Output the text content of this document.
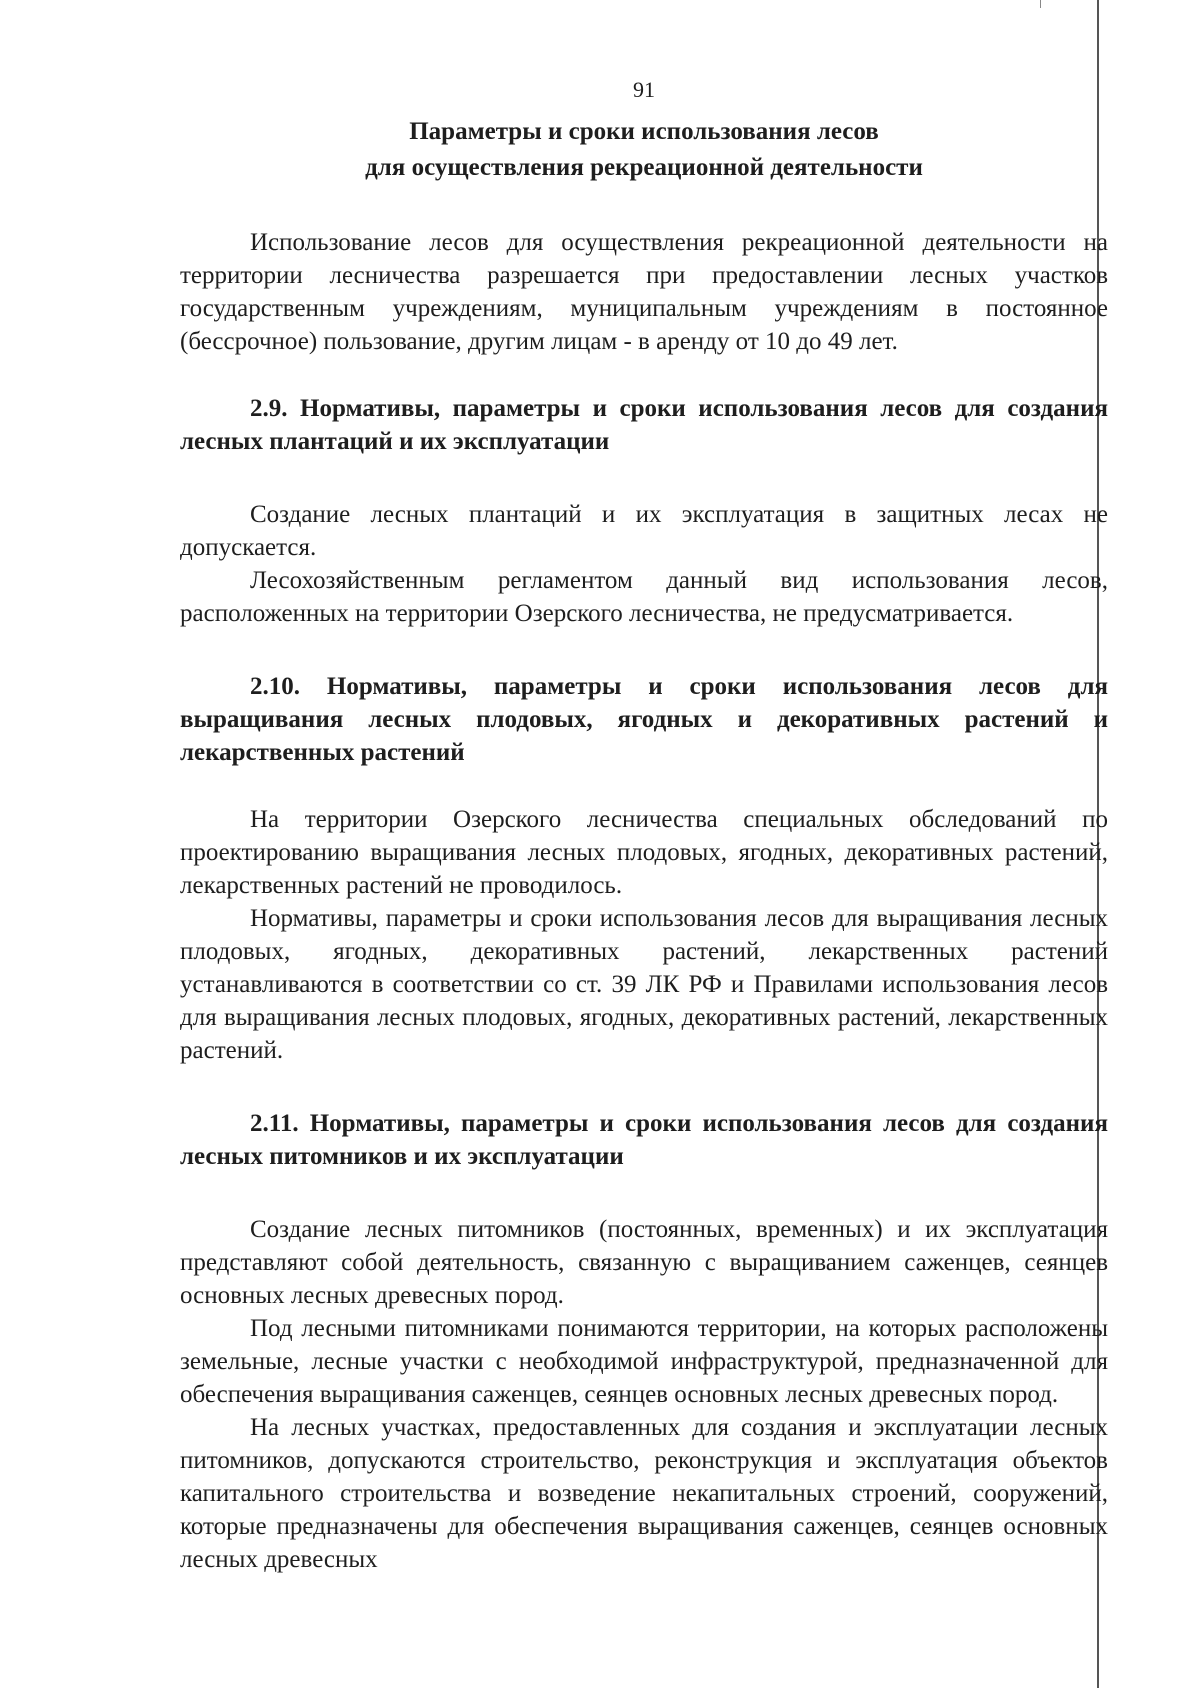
91
Параметры и сроки использования лесов
для осуществления рекреационной деятельности

Использование лесов для осуществления рекреационной деятельности на территории лесничества разрешается при предоставлении лесных участков государственным учреждениям, муниципальным учреждениям в постоянное (бессрочное) пользование, другим лицам - в аренду от 10 до 49 лет.

2.9. Нормативы, параметры и сроки использования лесов для создания лесных плантаций и их эксплуатации

Создание лесных плантаций и их эксплуатация в защитных лесах не допускается.

Лесохозяйственным регламентом данный вид использования лесов, расположенных на территории Озерского лесничества, не предусматривается.

2.10. Нормативы, параметры и сроки использования лесов для выращивания лесных плодовых, ягодных и декоративных растений и лекарственных растений

На территории Озерского лесничества специальных обследований по проектированию выращивания лесных плодовых, ягодных, декоративных растений, лекарственных растений не проводилось.

Нормативы, параметры и сроки использования лесов для выращивания лесных плодовых, ягодных, декоративных растений, лекарственных растений устанавливаются в соответствии со ст. 39 ЛК РФ и Правилами использования лесов для выращивания лесных плодовых, ягодных, декоративных растений, лекарственных растений.

2.11. Нормативы, параметры и сроки использования лесов для создания лесных питомников и их эксплуатации

Создание лесных питомников (постоянных, временных) и их эксплуатация представляют собой деятельность, связанную с выращиванием саженцев, сеянцев основных лесных древесных пород.

Под лесными питомниками понимаются территории, на которых расположены земельные, лесные участки с необходимой инфраструктурой, предназначенной для обеспечения выращивания саженцев, сеянцев основных лесных древесных пород.

На лесных участках, предоставленных для создания и эксплуатации лесных питомников, допускаются строительство, реконструкция и эксплуатация объектов капитального строительства и возведение некапитальных строений, сооружений, которые предназначены для обеспечения выращивания саженцев, сеянцев основных лесных древесных
